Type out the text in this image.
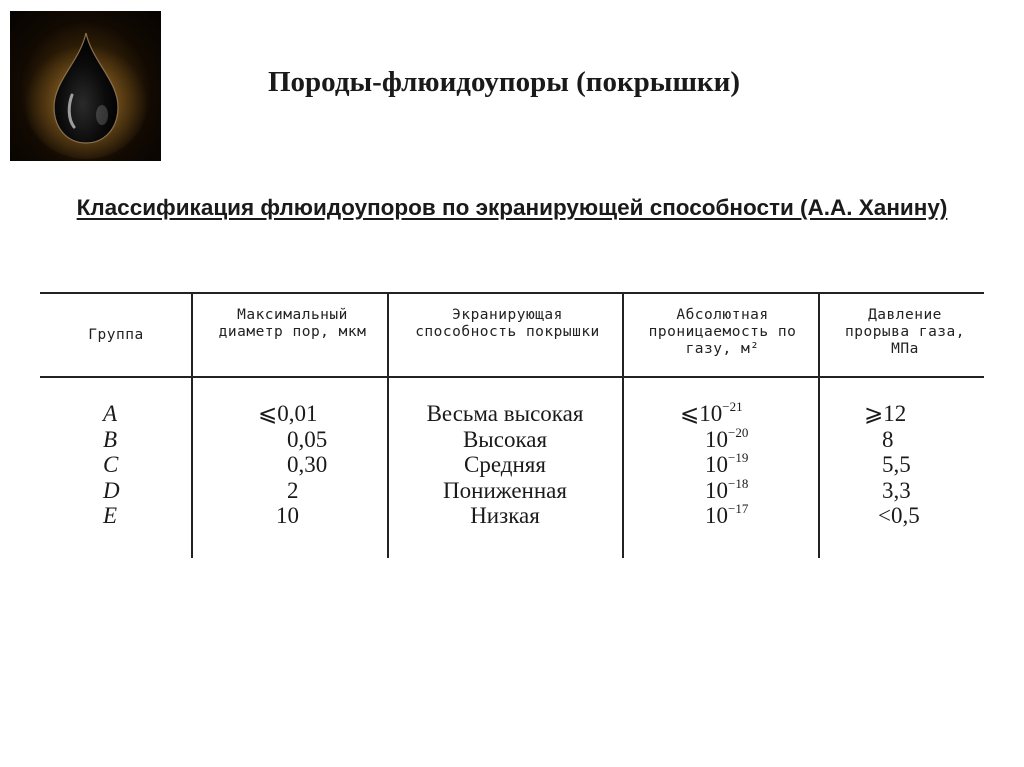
Породы-флюидоупоры (покрышки)
Классификация флюидоупоров по экранирующей способности (А.А. Ханину)
Группа
Максимальный диаметр пор, мкм
Экранирующая способность покрышки
Абсолютная проницаемость по газу, м²
Давление прорыва газа, МПа
A
B
C
D
E
⩽0,01
0,05
0,30
2
10
Весьма высокая
Высокая
Средняя
Пониженная
Низкая
$⩽10^{-21}$
$10^{-20}$
$10^{-19}$
$10^{-18}$
$10^{-17}$
⩾12
8
5,5
3,3
<0,5
